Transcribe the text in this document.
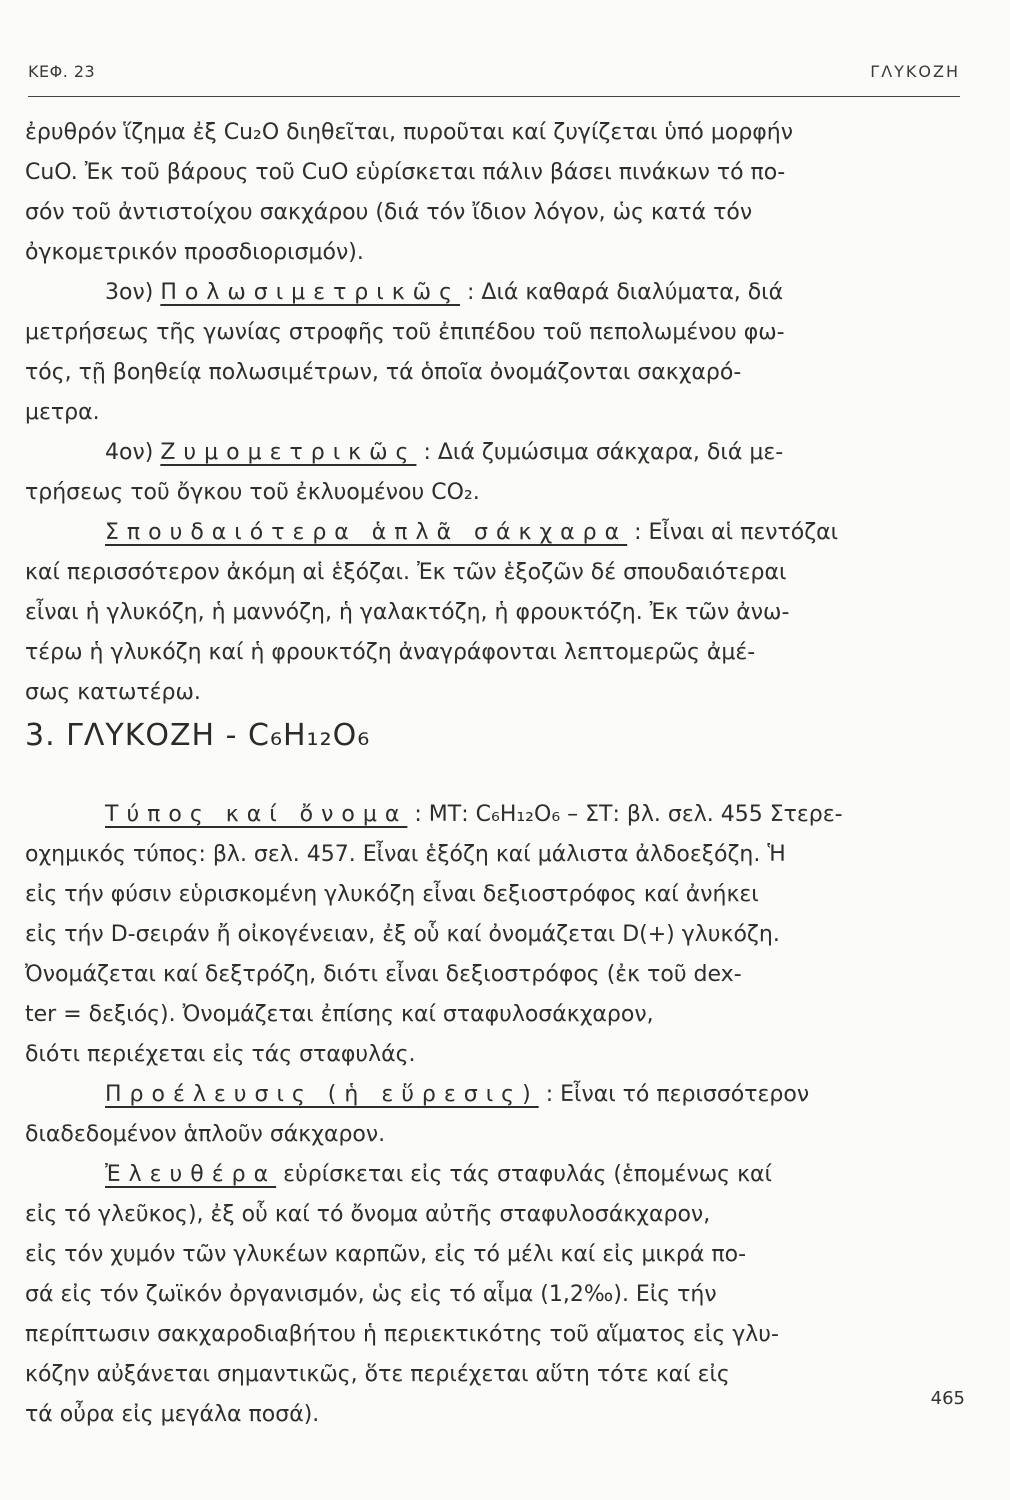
ΚΕΦ. 23	ΓΛΥΚΟΖΗ
ἐρυθρόν ἵζημα ἐξ Cu₂O διηθεῖται, πυροῦται καί ζυγίζεται ὑπό μορφήν
CuO. Ἐκ τοῦ βάρους τοῦ CuO εὑρίσκεται πάλιν βάσει πινάκων τό πο-
σόν τοῦ ἀντιστοίχου σακχάρου (διά τόν ἴδιον λόγον, ὡς κατά τόν
ὀγκομετρικόν προσδιορισμόν).
3ον) Πολωσιμετρικῶς : Διά καθαρά διαλύματα, διά
μετρήσεως τῆς γωνίας στροφῆς τοῦ ἐπιπέδου τοῦ πεπολωμένου φω-
τός, τῇ βοηθείᾳ πολωσιμέτρων, τά ὁποῖα ὀνομάζονται σακχαρό-
μετρα.
4ον) Ζυμομετρικῶς : Διά ζυμώσιμα σάκχαρα, διά με-
τρήσεως τοῦ ὄγκου τοῦ ἐκλυομένου CO₂.
Σπουδαιότερα ἁπλᾶ σάκχαρα : Εἶναι αἱ πεντόζαι
καί περισσότερον ἀκόμη αἱ ἑξόζαι. Ἐκ τῶν ἑξοζῶν δέ σπουδαιότεραι
εἶναι ἡ γλυκόζη, ἡ μαννόζη, ἡ γαλακτόζη, ἡ φρουκτόζη. Ἐκ τῶν ἀνω-
τέρω ἡ γλυκόζη καί ἡ φρουκτόζη ἀναγράφονται λεπτομερῶς ἀμέ-
σως κατωτέρω.
3. ΓΛΥΚΟΖΗ - C₆H₁₂O₆
Τύπος καί ὄνομα : ΜΤ: C₆H₁₂O₆ – ΣΤ: βλ. σελ. 455 Στερε-
οχημικός τύπος: βλ. σελ. 457. Εἶναι ἑξόζη καί μάλιστα ἀλδοεξόζη. Ἡ
εἰς τήν φύσιν εὑρισκομένη γλυκόζη εἶναι δεξιοστρόφος καί ἀνήκει
εἰς τήν D-σειράν ἤ οἰκογένειαν, ἐξ οὗ καί ὀνομάζεται D(+) γλυκόζη.
Ὀνομάζεται καί δεξτρόζη, διότι εἶναι δεξιοστρόφος (ἐκ τοῦ dex-
ter = δεξιός). Ὀνομάζεται ἐπίσης καί σταφυλοσάκχαρον,
διότι περιέχεται εἰς τάς σταφυλάς.
Προέλευσις (ἡ εὕρεσις) : Εἶναι τό περισσότερον
διαδεδομένον ἁπλοῦν σάκχαρον.
Ἐλευθέρα εὑρίσκεται εἰς τάς σταφυλάς (ἑπομένως καί
εἰς τό γλεῦκος), ἐξ οὗ καί τό ὄνομα αὐτῆς σταφυλοσάκχαρον,
εἰς τόν χυμόν τῶν γλυκέων καρπῶν, εἰς τό μέλι καί εἰς μικρά πο-
σά εἰς τόν ζωϊκόν ὀργανισμόν, ὡς εἰς τό αἷμα (1,2‰). Εἰς τήν
περίπτωσιν σακχαροδιαβήτου ἡ περιεκτικότης τοῦ αἵματος εἰς γλυ-
κόζην αὐξάνεται σημαντικῶς, ὅτε περιέχεται αὕτη τότε καί εἰς
τά οὖρα εἰς μεγάλα ποσά).
465
